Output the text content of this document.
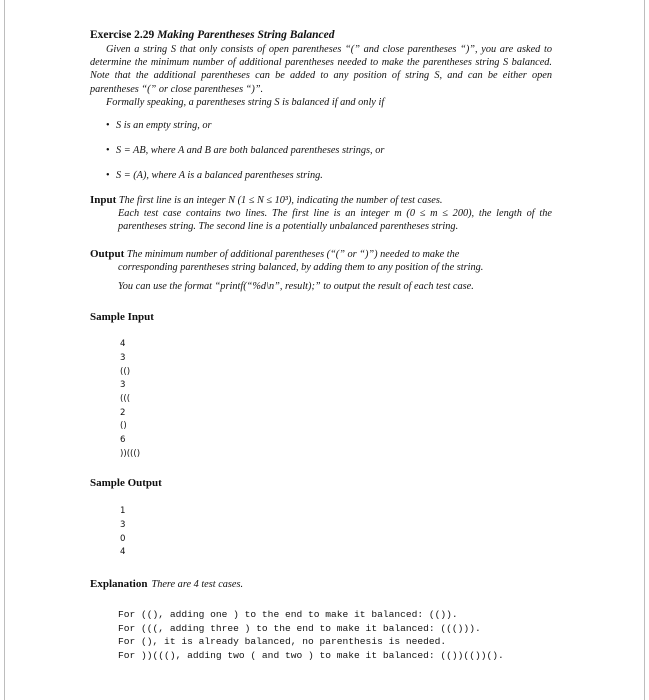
Exercise 2.29 Making Parentheses String Balanced

Given a string S that only consists of open parentheses “(” and close parentheses “)”, you are asked to determine the minimum number of additional parentheses needed to make the parentheses string S balanced. Note that the additional parentheses can be added to any position of string S, and can be either open parentheses “(” or close parentheses “)”.

Formally speaking, a parentheses string S is balanced if and only if

• S is an empty string, or
• S = AB, where A and B are both balanced parentheses strings, or
• S = (A), where A is a balanced parentheses string.
Input The first line is an integer N (1 ≤ N ≤ 10³), indicating the number of test cases.

Each test case contains two lines. The first line is an integer m (0 ≤ m ≤ 200), the length of the parentheses string. The second line is a potentially unbalanced parentheses string.

Output The minimum number of additional parentheses (“(” or “)”) needed to make the

corresponding parentheses string balanced, by adding them to any position of the string.

You can use the format “printf(“%d\n”, result);” to output the result of each test case.

Sample Input
4
3
(()
3
(((
2
()
6
))((()
Sample Output
1
3
0
4
Explanation There are 4 test cases.
For ((), adding one ) to the end to make it balanced: (()).
For (((, adding three ) to the end to make it balanced: ((())).
For (), it is already balanced, no parenthesis is needed.
For ))(((), adding two ( and two ) to make it balanced: (())(())().
